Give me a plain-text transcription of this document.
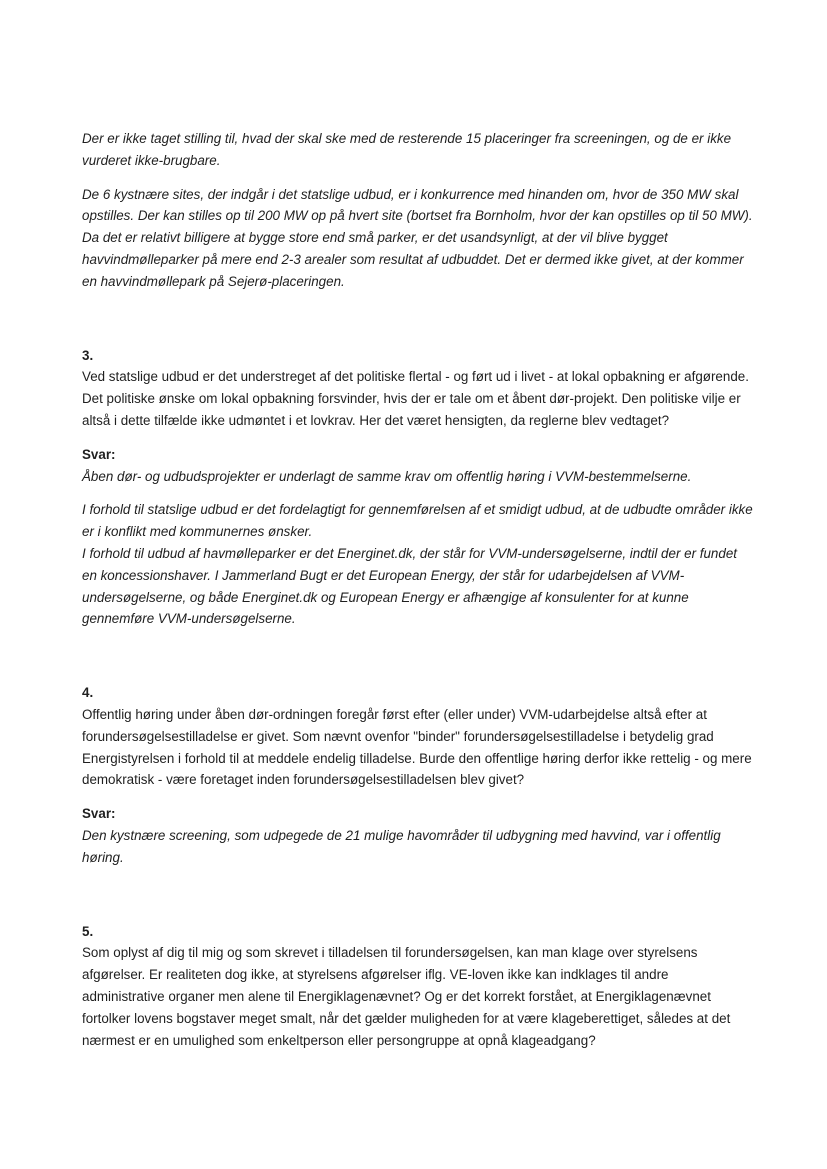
Der er ikke taget stilling til, hvad der skal ske med de resterende 15 placeringer fra screeningen, og de er ikke vurderet ikke-brugbare.

De 6 kystnære sites, der indgår i det statslige udbud, er i konkurrence med hinanden om, hvor de 350 MW skal opstilles. Der kan stilles op til 200 MW op på hvert site (bortset fra Bornholm, hvor der kan opstilles op til 50 MW). Da det er relativt billigere at bygge store end små parker, er det usandsynligt, at der vil blive bygget havvindmølleparker på mere end 2-3 arealer som resultat af udbuddet. Det er dermed ikke givet, at der kommer en havvindmøllepark på Sejerø-placeringen.

3.

Ved statslige udbud er det understreget af det politiske flertal - og ført ud i livet - at lokal opbakning er afgørende. Det politiske ønske om lokal opbakning forsvinder, hvis der er tale om et åbent dør-projekt. Den politiske vilje er altså i dette tilfælde ikke udmøntet i et lovkrav. Her det været hensigten, da reglerne blev vedtaget?

Svar:

Åben dør- og udbudsprojekter er underlagt de samme krav om offentlig høring i VVM-bestemmelserne.

I forhold til statslige udbud er det fordelagtigt for gennemførelsen af et smidigt udbud, at de udbudte områder ikke er i konflikt med kommunernes ønsker.

I forhold til udbud af havmølleparker er det Energinet.dk, der står for VVM-undersøgelserne, indtil der er fundet en koncessionshaver. I Jammerland Bugt er det European Energy, der står for udarbejdelsen af VVM-undersøgelserne, og både Energinet.dk og European Energy er afhængige af konsulenter for at kunne gennemføre VVM-undersøgelserne.

4.

Offentlig høring under åben dør-ordningen foregår først efter (eller under) VVM-udarbejdelse altså efter at forundersøgelsestilladelse er givet. Som nævnt ovenfor "binder" forundersøgelsestilladelse i betydelig grad Energistyrelsen i forhold til at meddele endelig tilladelse. Burde den offentlige høring derfor ikke rettelig - og mere demokratisk - være foretaget inden forundersøgelsestilladelsen blev givet?

Svar:

Den kystnære screening, som udpegede de 21 mulige havområder til udbygning med havvind, var i offentlig høring.

5.

Som oplyst af dig til mig og som skrevet i tilladelsen til forundersøgelsen, kan man klage over styrelsens afgørelser. Er realiteten dog ikke, at styrelsens afgørelser iflg. VE-loven ikke kan indklages til andre administrative organer men alene til Energiklagenævnet? Og er det korrekt forstået, at Energiklagenævnet fortolker lovens bogstaver meget smalt, når det gælder muligheden for at være klageberettiget, således at det nærmest er en umulighed som enkeltperson eller persongruppe at opnå klageadgang?
